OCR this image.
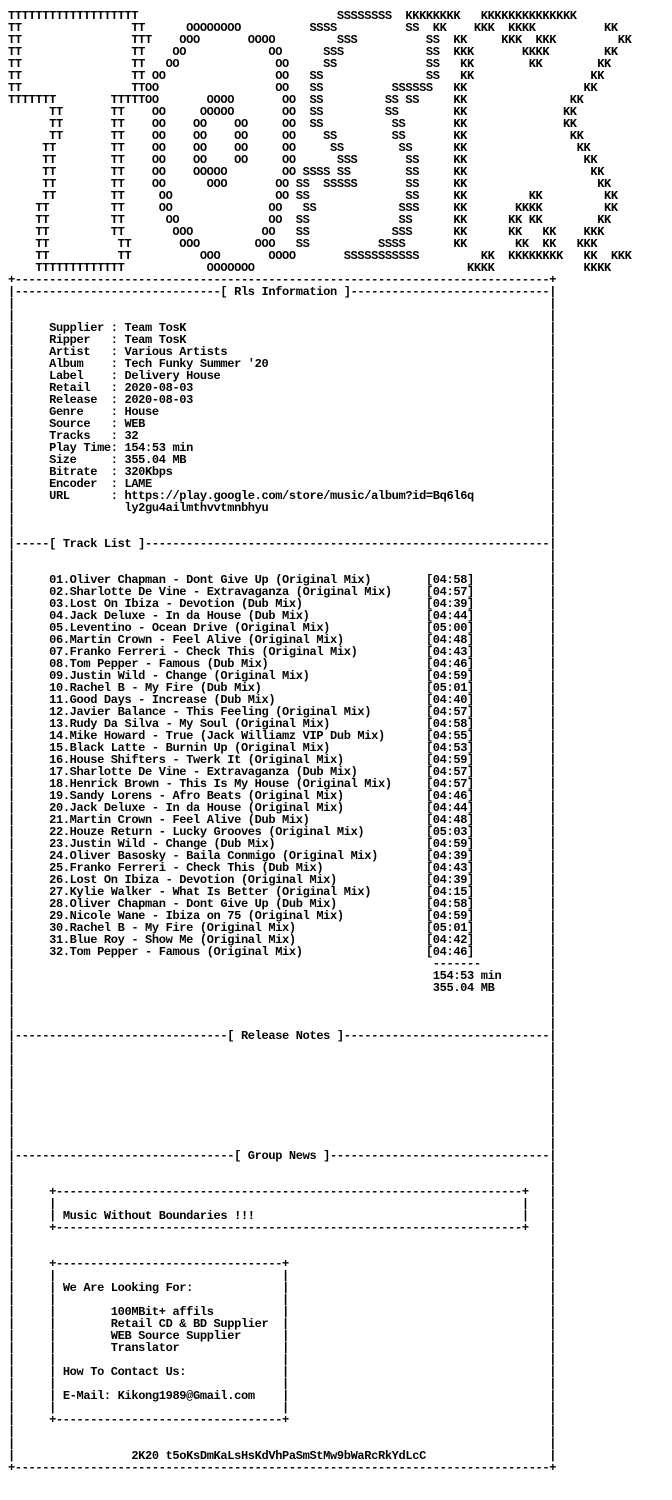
TTTTTTTTTTTTTTTTTTT                             SSSSSSSS  KKKKKKKK   KKKKKKKKKKKKKK
TT                TT      OOOOOOOO          SSSS          SS  KK    KKK  KKKK          KK
TT                TTT    OOO       OOOO         SSS          SS  KK     KKK  KKK         KK
TT                TT    OO            OO      SSS            SS  KKK       KKKK        KK
TT                TT   OO              OO     SS             SS   KK        KK        KK
TT                TT OO                OO   SS               SS   KK                 KK
TT                TTOO                 OO   SS          SSSSSS   KK                 KK
TTTTTTT        TTTTTOO       OOOO       OO  SS         SS SS     KK               KK
TT       TT    OO     OOOOO       OO  SS         SS        KK              KK
TT       TT    OO    OO    OO     OO  SS          SS       KK              KK
TT       TT    OO    OO    OO     OO    SS        SS       KK               KK
TT        TT    OO    OO    OO     OO     SS        SS      KK                KK
TT        TT    OO    OO    OO     OO      SSS       SS     KK                 KK
TT        TT    OO    OOOOO        OO SSSS SS        SS     KK                  KK
TT        TT    OO      OOO       OO SS  SSSSS       SS     KK                   KK
TT        TT     OO               OO SS              SS     KK         KK         KK
TT         TT     OO              OO   SS            SSS     KK       KKKK         KK
TT         TT      OO             OO  SS             SS      KK      KK KK        KK
TT         TT       OOO          OO   SS            SSS      KK      KK   KK    KKK
TT          TT       OOO        OOO   SS          SSSS       KK       KK  KK   KKK
TT          TT          OOO       OOOO       SSSSSSSSSSS         KK  KKKKKKKK   KK  KKK
TTTTTTTTTTTTT            OOOOOOO                               KKKK             KKKK
+------------------------------------------------------------------------------+
|------------------------------[ Rls Information ]-----------------------------|
|                                                                              |
|                                                                              |
|     Supplier : Team TosK	|
|     Ripper   : Team TosK	|
|     Artist   : Various Artists	|
|     Album    : Tech Funky Summer '20	|
|     Label    : Delivery House	|
|     Retail   : 2020-08-03	|
|     Release  : 2020-08-03	|
|     Genre    : House	|
|     Source   : WEB	|
|     Tracks   : 32	|
|     Play Time: 154:53 min	|
|     Size     : 355.04 MB	|
|     Bitrate  : 320Kbps	|
|     Encoder  : LAME	|
|     URL      : https://play.google.com/store/music/album?id=Bq6l6q	|
|                ly2gu4ailmthvvtmnbhyu	|
|                                                                              |
|                                                                              |
|-----[ Track List ]-----------------------------------------------------------|
|                                                                              |
|                                                                              |
|     01.Oliver Chapman - Dont Give Up (Original Mix)	[04:58]	|
|     02.Sharlotte De Vine - Extravaganza (Original Mix)	[04:57]	|
|     03.Lost On Ibiza - Devotion (Dub Mix)	[04:39]	|
|     04.Jack Deluxe - In da House (Dub Mix)	[04:44]	|
|     05.Leventino - Ocean Drive (Original Mix)	[05:00]	|
|     06.Martin Crown - Feel Alive (Original Mix)	[04:48]	|
|     07.Franko Ferreri - Check This (Original Mix)	[04:43]	|
|     08.Tom Pepper - Famous (Dub Mix)	[04:46]	|
|     09.Justin Wild - Change (Original Mix)	[04:59]	|
|     10.Rachel B - My Fire (Dub Mix)	[05:01]	|
|     11.Good Days - Increase (Dub Mix)	[04:40]	|
|     12.Javier Balance - This Feeling (Original Mix)	[04:57]	|
|     13.Rudy Da Silva - My Soul (Original Mix)	[04:58]	|
|     14.Mike Howard - True (Jack Williamz VIP Dub Mix)	[04:55]	|
|     15.Black Latte - Burnin Up (Original Mix)	[04:53]	|
|     16.House Shifters - Twerk It (Original Mix)	[04:59]	|
|     17.Sharlotte De Vine - Extravaganza (Dub Mix)	[04:57]	|
|     18.Henrick Brown - This Is My House (Original Mix)	[04:57]	|
|     19.Sandy Lorens - Afro Beats (Original Mix)	[04:46]	|
|     20.Jack Deluxe - In da House (Original Mix)	[04:44]	|
|     21.Martin Crown - Feel Alive (Dub Mix)	[04:48]	|
|     22.Houze Return - Lucky Grooves (Original Mix)	[05:03]	|
|     23.Justin Wild - Change (Dub Mix)	[04:59]	|
|     24.Oliver Basosky - Baila Conmigo (Original Mix)	[04:39]	|
|     25.Franko Ferreri - Check This (Dub Mix)	[04:43]	|
|     26.Lost On Ibiza - Devotion (Original Mix)	[04:39]	|
|     27.Kylie Walker - What Is Better (Original Mix)	[04:15]	|
|     28.Oliver Chapman - Dont Give Up (Dub Mix)	[04:58]	|
|     29.Nicole Wane - Ibiza on 75 (Original Mix)	[04:59]	|
|     30.Rachel B - My Fire (Original Mix)	[05:01]	|
|     31.Blue Roy - Show Me (Original Mix)	[04:42]	|
|     32.Tom Pepper - Famous (Original Mix)	[04:46]	|
|                                                             -------          |
|                                                             154:53 min	|
|                                                             355.04 MB	|
|                                                                              |
|                                                                              |
|                                                                              |
|-------------------------------[ Release Notes ]------------------------------|
|                                                                              |
|                                                                              |
|                                                                              |
|                                                                              |
|                                                                              |
|                                                                              |
|                                                                              |
|                                                                              |
|                                                                              |
|--------------------------------[ Group News ]--------------------------------|
|                                                                              |
|                                                                              |
|     +--------------------------------------------------------------------+   |
|     |                                                                    |   |
|     | Music Without Boundaries !!!	|   |
|     +--------------------------------------------------------------------+   |
|                                                                              |
|                                                                              |
|     +---------------------------------+                                      |
|     |                                 |                                      |
|     | We Are Looking For:	|                                      |
|     |                                 |                                      |
|     |        100MBit+ affils	|                                      |
|     |        Retail CD & BD Supplier  |                                      |
|     |        WEB Source Supplier	|                                      |
|     |        Translator	|                                      |
|     |                                 |                                      |
|     | How To Contact Us:	|                                      |
|     |                                 |                                      |
|     | E-Mail: Kikong1989@Gmail.com    |                                      |
|     |                                 |                                      |
|     +---------------------------------+                                      |
|                                                                              |
|                                                                              |
|                 2K20 t5oKsDmKaLsHsKdVhPaSmStMw9bWaRcRkYdLcC	|
+------------------------------------------------------------------------------+
